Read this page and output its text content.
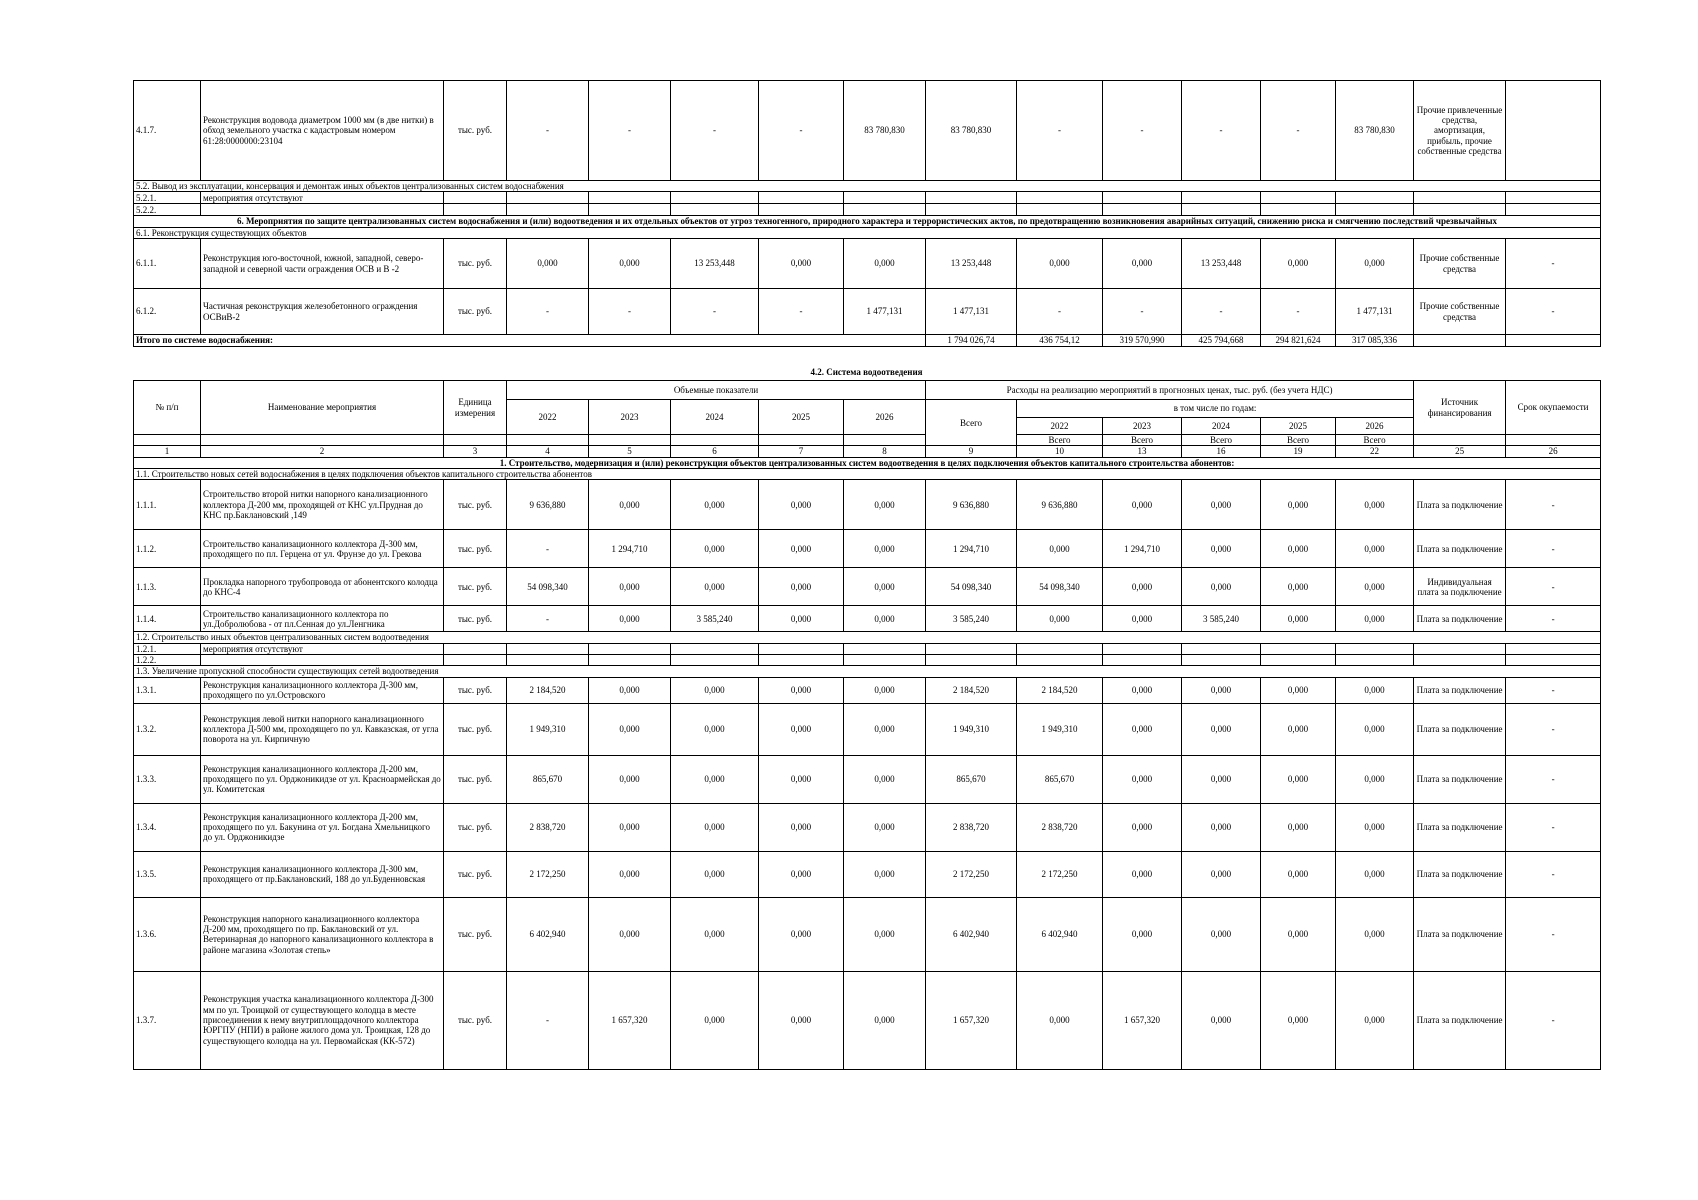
4.1.7.	Реконструкция водовода диаметром 1000 мм (в две нитки) в обход земельного участка с кадастровым номером 61:28:0000000:23104	тыс. руб.	-	-	-	-	83 780,830	83 780,830	-	-	-	-	83 780,830	Прочие привлеченные средства, амортизация, прибыль, прочие собственные средства	
5.2. Вывод из эксплуатации, консервация и демонтаж иных объектов централизованных систем водоснабжения															
5.2.1.	мероприятия отсутствуют														
5.2.2.															
6. Мероприятия по защите централизованных систем водоснабжения и (или) водоотведения и их отдельных объектов от угроз техногенного, природного характера и террористических актов, по предотвращению возникновения аварийных ситуаций, снижению риска и смягчению последствий чрезвычайных															
6.1. Реконструкция существующих объектов															
6.1.1.	Реконструкция юго-восточной, южной, западной, северо-западной и северной части ограждения ОСВ и В -2	тыс. руб.	0,000	0,000	13 253,448	0,000	0,000	13 253,448	0,000	0,000	13 253,448	0,000	0,000	Прочие собственные средства	-
6.1.2.	Частичная реконструкция железобетонного ограждения ОСВиВ-2	тыс. руб.	-	-	-	-	1 477,131	1 477,131	-	-	-	-	1 477,131	Прочие собственные средства	-
Итого по системе водоснабжения:								1 794 026,74	436 754,12	319 570,990	425 794,668	294 821,624	317 085,336		
4.2. Система водоотведения
№ п/п	Наименование мероприятия	Единица измерения	Объемные показатели					Расходы на реализацию мероприятий в прогнозных ценах, тыс. руб. (без учета НДС)						Источник финансирования	Срок окупаемости
			2022	2023	2024	2025	2026	Всего	в том числе по годам:						
									2022	2023	2024	2025	2026		
									Всего	Всего	Всего	Всего	Всего		
1	2	3	4	5	6	7	8	9	10	13	16	19	22	25	26
1. Строительство, модернизация и (или) реконструкция объектов централизованных систем водоотведения в целях подключения объектов капитального строительства абонентов:															
1.1. Строительство новых сетей водоснабжения в целях подключения объектов капитального строительства абонентов															
1.1.1.	Строительство второй нитки напорного канализационного коллектора Д-200 мм, проходящей от КНС ул.Прудная до КНС пр.Баклановский ,149	тыс. руб.	9 636,880	0,000	0,000	0,000	0,000	9 636,880	9 636,880	0,000	0,000	0,000	0,000	Плата за подключение	-
1.1.2.	Строительство канализационного коллектора Д-300 мм, проходящего по пл. Герцена от ул. Фрунзе до ул. Грекова	тыс. руб.	-	1 294,710	0,000	0,000	0,000	1 294,710	0,000	1 294,710	0,000	0,000	0,000	Плата за подключение	-
1.1.3.	Прокладка напорного трубопровода от абонентского колодца до КНС-4	тыс. руб.	54 098,340	0,000	0,000	0,000	0,000	54 098,340	54 098,340	0,000	0,000	0,000	0,000	Индивидуальная плата за подключение	-
1.1.4.	Строительство канализационного коллектора по ул.Добролюбова - от пл.Сенная до ул.Ленгника	тыс. руб.	-	0,000	3 585,240	0,000	0,000	3 585,240	0,000	0,000	3 585,240	0,000	0,000	Плата за подключение	-
1.2. Строительство иных объектов централизованных систем водоотведения															
1.2.1.	мероприятия отсутствуют														
1.2.2.															
1.3. Увеличение пропускной способности существующих сетей водоотведения															
1.3.1.	Реконструкция канализационного коллектора Д-300 мм, проходящего по ул.Островского	тыс. руб.	2 184,520	0,000	0,000	0,000	0,000	2 184,520	2 184,520	0,000	0,000	0,000	0,000	Плата за подключение	-
1.3.2.	Реконструкция левой нитки напорного канализационного коллектора Д-500 мм, проходящего по ул. Кавказская, от угла поворота на ул. Кирпичную	тыс. руб.	1 949,310	0,000	0,000	0,000	0,000	1 949,310	1 949,310	0,000	0,000	0,000	0,000	Плата за подключение	-
1.3.3.	Реконструкция канализационного коллектора Д-200 мм, проходящего по ул. Орджоникидзе от ул. Красноармейская до ул. Комитетская	тыс. руб.	865,670	0,000	0,000	0,000	0,000	865,670	865,670	0,000	0,000	0,000	0,000	Плата за подключение	-
1.3.4.	Реконструкция канализационного коллектора Д-200 мм, проходящего по ул. Бакунина от ул. Богдана Хмельницкого до ул. Орджоникидзе	тыс. руб.	2 838,720	0,000	0,000	0,000	0,000	2 838,720	2 838,720	0,000	0,000	0,000	0,000	Плата за подключение	-
1.3.5.	Реконструкция канализационного коллектора Д-300 мм, проходящего от пр.Баклановский, 188 до ул.Буденновская	тыс. руб.	2 172,250	0,000	0,000	0,000	0,000	2 172,250	2 172,250	0,000	0,000	0,000	0,000	Плата за подключение	-
1.3.6.	Реконструкция напорного канализационного коллектора Д-200 мм, проходящего по пр. Баклановский от ул. Ветеринарная до напорного канализационного коллектора в районе магазина «Золотая степь»	тыс. руб.	6 402,940	0,000	0,000	0,000	0,000	6 402,940	6 402,940	0,000	0,000	0,000	0,000	Плата за подключение	-
1.3.7.	Реконструкция участка канализационного коллектора Д-300 мм по ул. Троицкой от существующего колодца в месте присоединения к нему внутриплощадочного коллектора ЮРГПУ (НПИ) в районе жилого дома ул. Троицкая, 128 до существующего колодца на ул. Первомайская (КК-572)	тыс. руб.	-	1 657,320	0,000	0,000	0,000	1 657,320	0,000	1 657,320	0,000	0,000	0,000	Плата за подключение	-
